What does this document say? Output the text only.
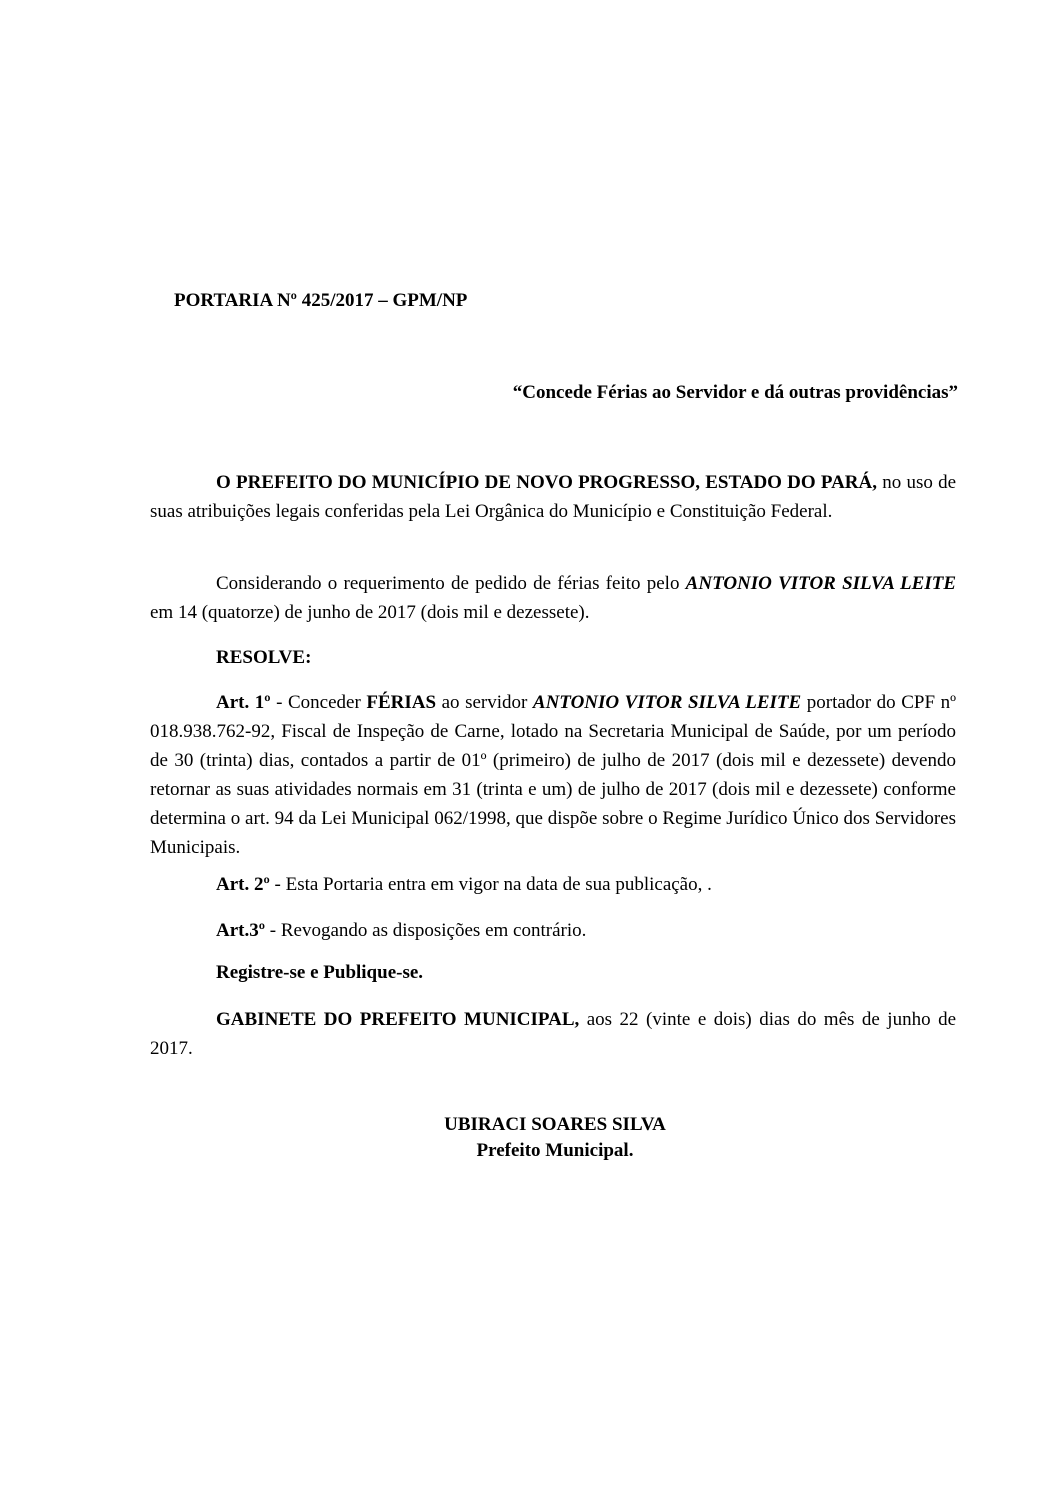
PORTARIA Nº 425/2017 – GPM/NP
“Concede Férias ao Servidor e dá outras providências”

O PREFEITO DO MUNICÍPIO DE NOVO PROGRESSO, ESTADO DO PARÁ, no uso de suas atribuições legais conferidas pela Lei Orgânica do Município e Constituição Federal.

Considerando o requerimento de pedido de férias feito pelo ANTONIO VITOR SILVA LEITE em 14 (quatorze) de junho de 2017 (dois mil e dezessete).

RESOLVE:

Art. 1º - Conceder FÉRIAS ao servidor ANTONIO VITOR SILVA LEITE portador do CPF nº 018.938.762-92, Fiscal de Inspeção de Carne, lotado na Secretaria Municipal de Saúde, por um período de 30 (trinta) dias, contados a partir de 01º (primeiro) de julho de 2017 (dois mil e dezessete) devendo retornar as suas atividades normais em 31 (trinta e um) de julho de 2017 (dois mil e dezessete) conforme determina o art. 94 da Lei Municipal 062/1998, que dispõe sobre o Regime Jurídico Único dos Servidores Municipais.

Art. 2º - Esta Portaria entra em vigor na data de sua publicação, .

Art.3º - Revogando as disposições em contrário.

Registre-se e Publique-se.

GABINETE DO PREFEITO MUNICIPAL, aos 22 (vinte e dois) dias do mês de junho de 2017.

UBIRACI SOARES SILVA
Prefeito Municipal.
